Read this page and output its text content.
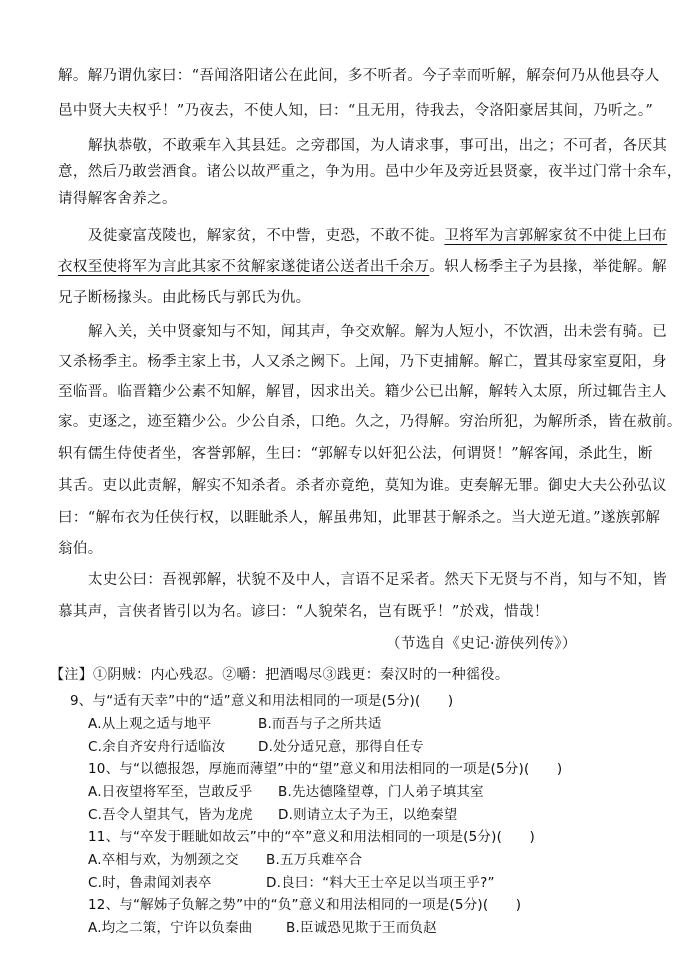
解。解乃谓仇家曰：“吾闻洛阳诸公在此间，多不听者。今子幸而听解，解奈何乃从他县夺人
邑中贤大夫权乎！”乃夜去，不使人知，曰：“且无用，待我去，令洛阳豪居其间，乃听之。”
解执恭敬，不敢乘车入其县廷。之旁郡国，为人请求事，事可出，出之；不可者，各厌其
意，然后乃敢尝酒食。诸公以故严重之，争为用。邑中少年及旁近县贤豪，夜半过门常十余车，
请得解客舍养之。
及徙豪富茂陵也，解家贫，不中訾，吏恐，不敢不徙。卫将军为言郭解家贫不中徙上曰布
衣权至使将军为言此其家不贫解家遂徙诸公送者出千余万。轵人杨季主子为县掾，举徙解。解
兄子断杨掾头。由此杨氏与郭氏为仇。
解入关，关中贤豪知与不知，闻其声，争交欢解。解为人短小，不饮酒，出未尝有骑。已
又杀杨季主。杨季主家上书，人又杀之阙下。上闻，乃下吏捕解。解亡，置其母家室夏阳，身
至临晋。临晋籍少公素不知解，解冒，因求出关。籍少公已出解，解转入太原，所过辄告主人
家。吏逐之，迹至籍少公。少公自杀，口绝。久之，乃得解。穷治所犯，为解所杀，皆在赦前。
轵有儒生侍使者坐，客誉郭解，生曰：“郭解专以奸犯公法，何谓贤！”解客闻，杀此生，断
其舌。吏以此责解，解实不知杀者。杀者亦竟绝，莫知为谁。吏奏解无罪。御史大夫公孙弘议
曰：“解布衣为任侠行权，以睚眦杀人，解虽弗知，此罪甚于解杀之。当大逆无道。”遂族郭解
翁伯。
太史公曰：吾视郭解，状貌不及中人，言语不足采者。然天下无贤与不肖，知与不知，皆
慕其声，言侠者皆引以为名。谚曰：“人貌荣名，岂有既乎！”於戏，惜哉！
（节选自《史记·游侠列传》）
【注】①阴贼：内心残忍。②嚼：把酒喝尽③践更：秦汉时的一种徭役。
9、与“适有天幸”中的“适”意义和用法相同的一项是(5分)(　　)
A.从上观之适与地平	B.而吾与子之所共适
C.余自齐安舟行适临汝 D.处分适兄意，那得自任专
10、与“以德报怨，厚施而薄望”中的“望”意义和用法相同的一项是(5分)(　　)
A.日夜望将军至，岂敢反乎 B.先达德隆望尊，门人弟子填其室
C.吾令人望其气，皆为龙虎 D.则请立太子为王，以绝秦望
11、与“卒发于睚眦如故云”中的“卒”意义和用法相同的一项是(5分)(　　)
A.卒相与欢，为刎颈之交 B.五万兵难卒合
C.时，鲁肃闻刘表卒	D.良曰：“料大王士卒足以当项王乎?”
12、与“解姊子负解之势”中的“负”意义和用法相同的一项是(5分)(　　)
A.均之二策，宁许以负秦曲 B.臣诚恐见欺于王而负赵
